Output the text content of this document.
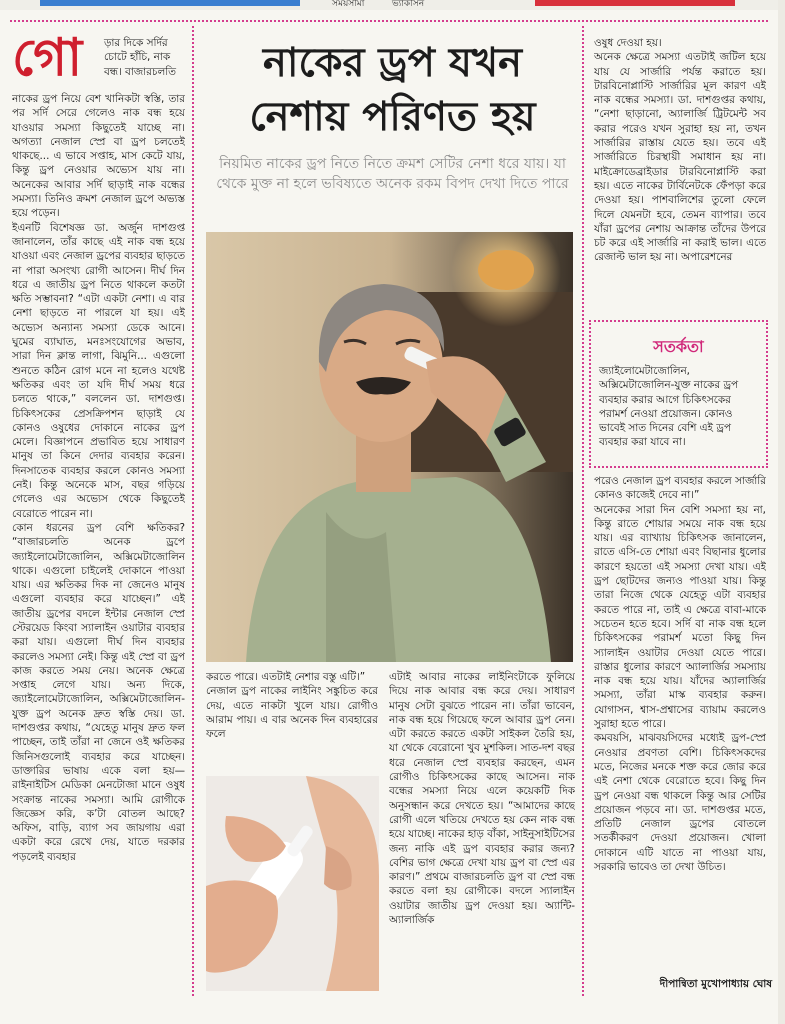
সময়সীমা	ভ্যাকসিন
গো ড়ার দিকে সর্দির চোটে হাঁচি, নাক বন্ধ। বাজারচলতি
নাকের ড্রপ নিয়ে বেশ খানিকটা স্বস্তি, তার পর সর্দি সেরে গেলেও নাক বন্ধ হয়ে যাওয়ার সমস্যা কিছুতেই যাচ্ছে না। অগত্যা নেজাল স্প্রে বা ড্রপ চলতেই থাকছে... এ ভাবে সপ্তাহ, মাস কেটে যায়, কিন্তু ড্রপ নেওয়ার অভ্যেস যায় না। অনেকের আবার সর্দি ছাড়াই নাক বন্ধের সমস্যা। তিনিও ক্রমশ নেজাল ড্রপে অভ্যস্ত হয়ে পড়েন।
ইএনটি বিশেষজ্ঞ ডা. অর্জুন দাশগুপ্ত জানালেন, তাঁর কাছে এই নাক বন্ধ হয়ে যাওয়া এবং নেজাল ড্রপের ব্যবহার ছাড়তে না পারা অসংখ্য রোগী আসেন। দীর্ঘ দিন ধরে এ জাতীয় ড্রপ নিতে থাকলে কতটা ক্ষতি সম্ভাবনা? “এটা একটা নেশা। এ বার নেশা ছাড়তে না পারলে যা হয়। এই অভ্যেস অন্যান্য সমস্যা ডেকে আনে। ঘুমের ব্যাঘাত, মনঃসংযোগের অভাব, সারা দিন ক্লান্ত লাগা, ঝিমুনি... এগুলো শুনতে কঠিন রোগ মনে না হলেও যথেষ্ট ক্ষতিকর এবং তা যদি দীর্ঘ সময় ধরে চলতে থাকে,” বললেন ডা. দাশগুপ্ত। চিকিৎসকের প্রেসক্রিপশন ছাড়াই যে কোনও ওষুধের দোকানে নাকের ড্রপ মেলে। বিজ্ঞাপনে প্রভাবিত হয়ে সাধারণ মানুষ তা কিনে দেদার ব্যবহার করেন। দিনসাতেক ব্যবহার করলে কোনও সমস্যা নেই। কিন্তু অনেকে মাস, বছর গড়িয়ে গেলেও এর অভ্যেস থেকে কিছুতেই বেরোতে পারেন না।
কোন ধরনের ড্রপ বেশি ক্ষতিকর? “বাজারচলতি অনেক ড্রপে জ্যাইলোমেটাজোলিন, অক্সিমেটাজোলিন থাকে। এগুলো চাইলেই দোকানে পাওয়া যায়। এর ক্ষতিকর দিক না জেনেও মানুষ এগুলো ব্যবহার করে যাচ্ছেন।” এই জাতীয় ড্রপের বদলে ইন্টার নেজাল স্প্রে স্টেরয়েড কিংবা স্যালাইন ওয়াটার ব্যবহার করা যায়। এগুলো দীর্ঘ দিন ব্যবহার করলেও সমস্যা নেই। কিন্তু এই স্প্রে বা ড্রপ কাজ করতে সময় নেয়। অনেক ক্ষেত্রে সপ্তাহ লেগে যায়। অন্য দিকে, জ্যাইলোমেটাজোলিন, অক্সিমেটাজোলিন-যুক্ত ড্রপ অনেক দ্রুত স্বস্তি দেয়। ডা. দাশগুপ্তর কথায়, “যেহেতু মানুষ দ্রুত ফল পাচ্ছেন, তাই তাঁরা না জেনে ওই ক্ষতিকর জিনিসগুলোই ব্যবহার করে যাচ্ছেন। ডাক্তারির ভাষায় একে বলা হয়— রাইনাইটিস মেডিকা মেনটোজা মানে ওষুধ সংক্রান্ত নাকের সমস্যা। আমি রোগীকে জিজ্ঞেস করি, ক’টা বোতল আছে? অফিস, বাড়ি, ব্যাগ সব জায়গায় এরা একটা করে রেখে দেয়, যাতে দরকার পড়লেই ব্যবহার
নাকের ড্রপ যখন
নেশায় পরিণত হয়
নিয়মিত নাকের ড্রপ নিতে নিতে ক্রমশ সেটির নেশা ধরে যায়। যা থেকে মুক্ত না হলে ভবিষ্যতে অনেক রকম বিপদ দেখা দিতে পারে
করতে পারে। এতটাই নেশার বস্তু এটি।”
নেজাল ড্রপ নাকের লাইনিং সঙ্কুচিত করে দেয়, এতে নাকটা খুলে যায়। রোগীও আরাম পায়। এ বার অনেক দিন ব্যবহারের ফলে
এটাই আবার নাকের লাইনিংটাকে ফুলিয়ে দিয়ে নাক আবার বন্ধ করে দেয়। সাধারণ মানুষ সেটা বুঝতে পারেন না। তাঁরা ভাবেন, নাক বন্ধ হয়ে গিয়েছে ফলে আবার ড্রপ নেন। এটা করতে করতে একটা সাইকল তৈরি হয়, যা থেকে বেরোনো খুব মুশকিল। সাত-দশ বছর ধরে নেজাল স্প্রে ব্যবহার করছেন, এমন রোগীও চিকিৎসকের কাছে আসেন। নাক বন্ধের সমস্যা নিয়ে এলে কয়েকটি দিক অনুসন্ধান করে দেখতে হয়। “আমাদের কাছে রোগী এলে খতিয়ে দেখতে হয় কেন নাক বন্ধ হয়ে যাচ্ছে। নাকের হাড় বাঁকা, সাইনুসাইটিসের জন্য নাকি এই ড্রপ ব্যবহার করার জন্য? বেশির ভাগ ক্ষেত্রে দেখা যায় ড্রপ বা স্প্রে এর কারণ।” প্রথমে বাজারচলতি ড্রপ বা স্প্রে বন্ধ করতে বলা হয় রোগীকে। বদলে স্যালাইন ওয়াটার জাতীয় ড্রপ দেওয়া হয়। অ্যান্টি-অ্যালার্জিক
ওষুধ দেওয়া হয়।
অনেক ক্ষেত্রে সমস্যা এতটাই জটিল হয়ে যায় যে সার্জারি পর্যন্ত করাতে হয়। টারবিনোপ্লাস্টি সার্জারির মূল কারণ এই নাক বন্ধের সমস্যা। ডা. দাশগুপ্তর কথায়, “নেশা ছাড়ানো, অ্যালার্জি ট্রিটমেন্ট সব করার পরেও যখন সুরাহা হয় না, তখন সার্জারির রাস্তায় যেতে হয়। তবে এই সার্জারিতে চিরস্থায়ী সমাধান হয় না। মাইক্রোডেব্রাইডার টারবিনোপ্লাস্টি করা হয়। এতে নাকের টার্বিনেটকে ফেঁপড়া করে দেওয়া হয়। পাশবালিশের তুলো ফেলে দিলে যেমনটা হবে, তেমন ব্যাপার। তবে যাঁরা ড্রপের নেশায় আক্রান্ত তাঁদের উপরে চট করে এই সার্জারি না করাই ভাল। এতে রেজাল্ট ভাল হয় না। অপারেশনের
সতর্কতা
জ্যাইলোমেটাজোলিন, অক্সিমেটাজোলিন-যুক্ত নাকের ড্রপ ব্যবহার করার আগে চিকিৎসকের পরামর্শ নেওয়া প্রয়োজন। কোনও ভাবেই সাত দিনের বেশি এই ড্রপ ব্যবহার করা যাবে না।
পরেও নেজাল ড্রপ ব্যবহার করলে সার্জারি কোনও কাজেই দেবে না।”
অনেকের সারা দিন বেশি সমস্যা হয় না, কিন্তু রাতে শোয়ার সময়ে নাক বন্ধ হয়ে যায়। এর ব্যাখ্যায় চিকিৎসক জানালেন, রাতে এসি-তে শোয়া এবং বিছানার ধুলোর কারণে হয়তো এই সমস্যা দেখা যায়। এই ড্রপ ছোটদের জন্যও পাওয়া যায়। কিন্তু তারা নিজে থেকে যেহেতু এটা ব্যবহার করতে পারে না, তাই এ ক্ষেত্রে বাবা-মাকে সচেতন হতে হবে। সর্দি বা নাক বন্ধ হলে চিকিৎসকের পরামর্শ মতো কিছু দিন স্যালাইন ওয়াটার দেওয়া যেতে পারে। রাস্তার ধুলোর কারণে অ্যালার্জির সমস্যায় নাক বন্ধ হয়ে যায়। যাঁদের অ্যালার্জির সমস্যা, তাঁরা মাস্ক ব্যবহার করুন। যোগাসন, শ্বাস-প্রশ্বাসের ব্যায়াম করলেও সুরাহা হতে পারে।
কমবয়সি, মাঝবয়সিদের মধ্যেই ড্রপ-স্প্রে নেওয়ার প্রবণতা বেশি। চিকিৎসকদের মতে, নিজের মনকে শক্ত করে জোর করে এই নেশা থেকে বেরোতে হবে। কিছু দিন ড্রপ নেওয়া বন্ধ থাকলে কিন্তু আর সেটির প্রয়োজন পড়বে না। ডা. দাশগুপ্তর মতে, প্রতিটি নেজাল ড্রপের বোতলে সতর্কীকরণ দেওয়া প্রয়োজন। খোলা দোকানে এটি যাতে না পাওয়া যায়, সরকারি ভাবেও তা দেখা উচিত।
দীপান্বিতা মুখোপাধ্যায় ঘোষ
